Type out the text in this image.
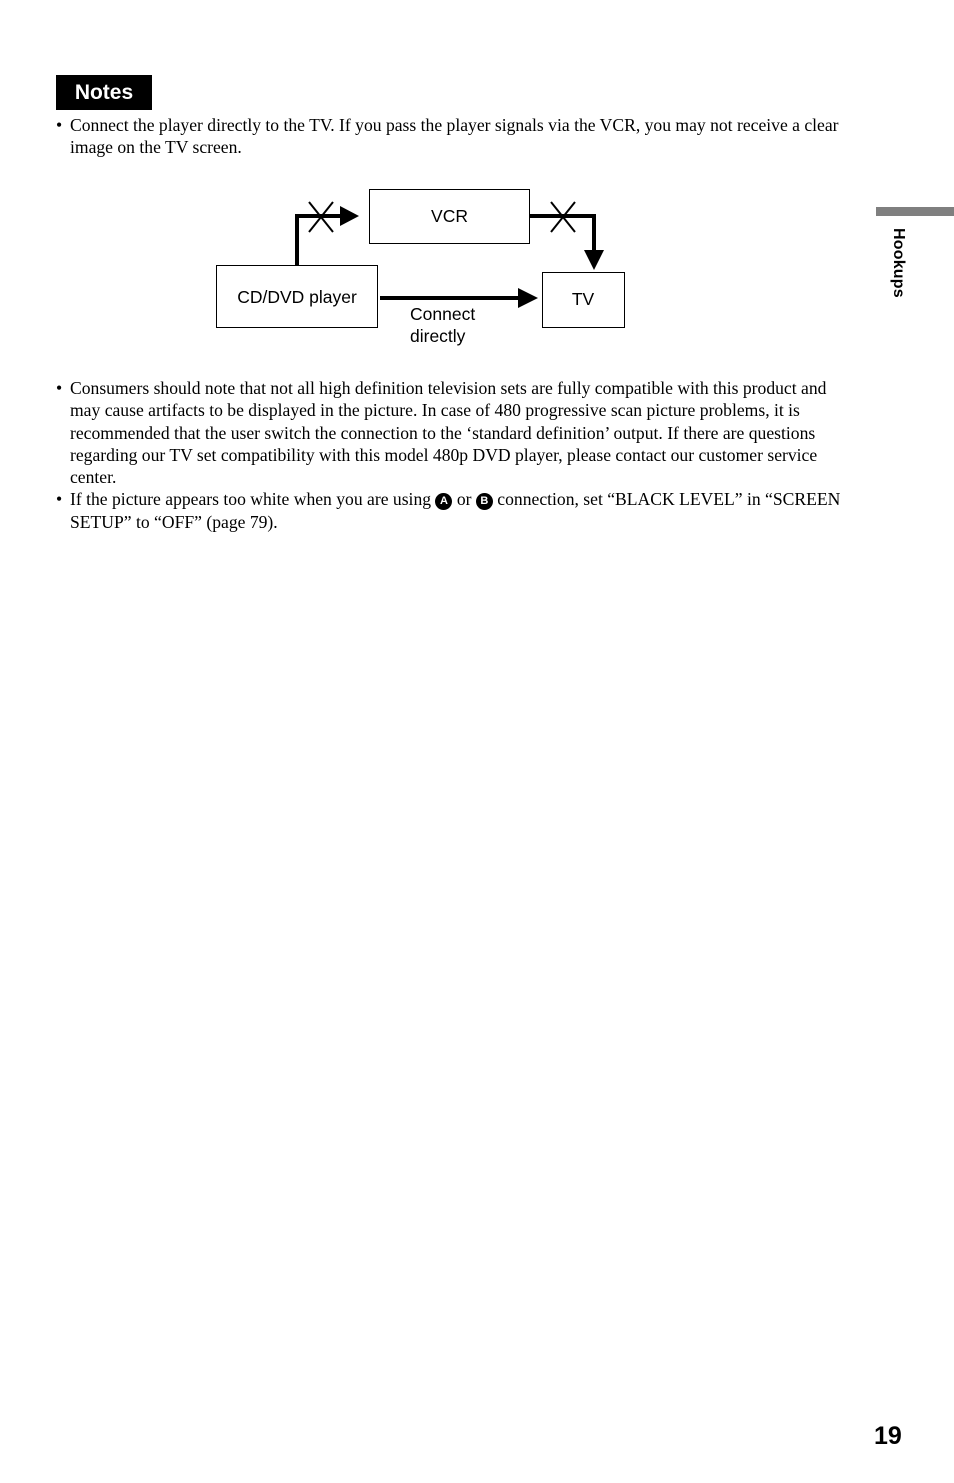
Notes
• Connect the player directly to the TV. If you pass the player signals via the VCR, you may not receive a clear image on the TV screen.
VCR
CD/DVD player	TV
Connect
directly
• Consumers should note that not all high definition television sets are fully compatible with this product and may cause artifacts to be displayed in the picture. In case of 480 progressive scan picture problems, it is recommended that the user switch the connection to the ‘standard definition’ output. If there are questions regarding our TV set compatibility with this model 480p DVD player, please contact our customer service center.
• If the picture appears too white when you are using A or B connection, set “BLACK LEVEL” in “SCREEN SETUP” to “OFF” (page 79).
Hookups
19
